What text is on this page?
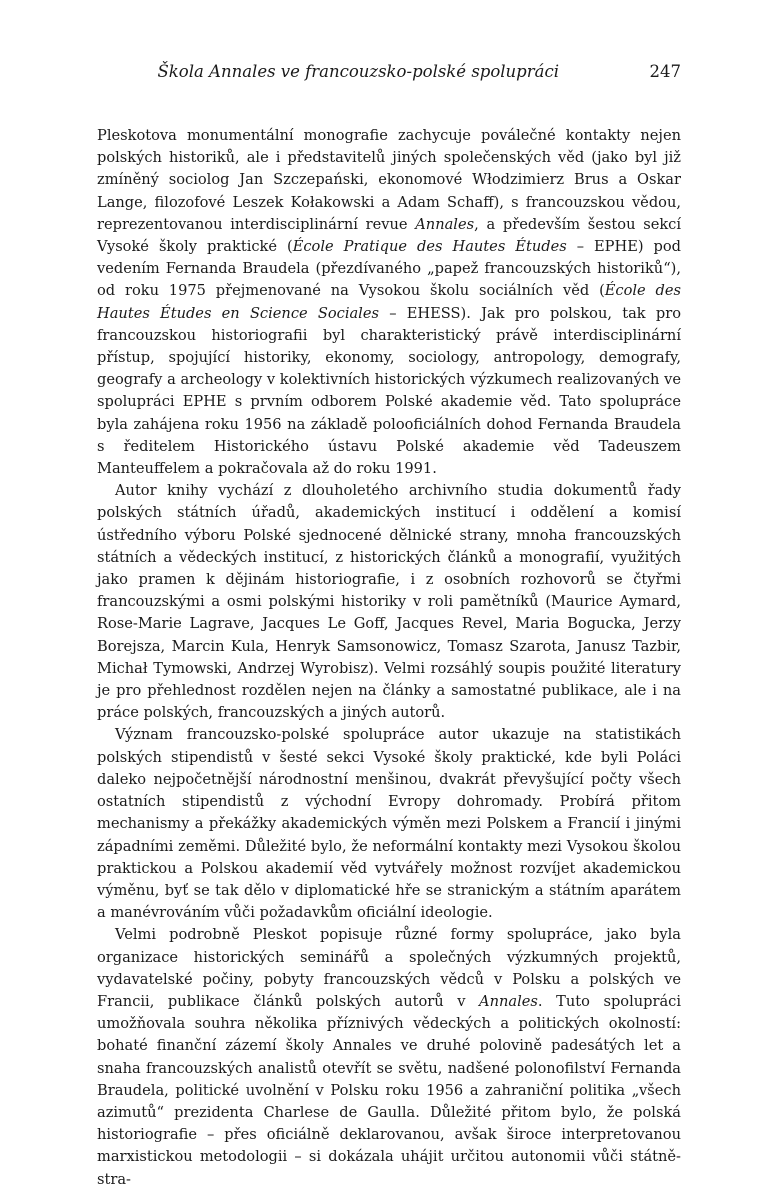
Škola Annales ve francouzsko-polské spolupráci	247

Pleskotova monumentální monografie zachycuje poválečné kontakty nejen polských historiků, ale i představitelů jiných společenských věd (jako byl již zmíněný sociolog Jan Szczepański, ekonomové Włodzimierz Brus a Oskar Lange, filozofové Leszek Kołakowski a Adam Schaff), s francouzskou vědou, reprezentovanou interdisciplinární revue Annales, a především šestou sekcí Vysoké školy praktické (École Pratique des Hautes Études – EPHE) pod vedením Fernanda Braudela (přezdívaného „papež francouzských historiků“), od roku 1975 přejmenované na Vysokou školu sociálních věd (École des Hautes Études en Science Sociales – EHESS). Jak pro polskou, tak pro francouzskou historiografii byl charakteristický právě interdisciplinární přístup, spojující historiky, ekonomy, sociology, antropology, demografy, geografy a archeology v kolektivních historických výzkumech realizovaných ve spolupráci EPHE s prvním odborem Polské akademie věd. Tato spolupráce byla zahájena roku 1956 na základě polooficiálních dohod Fernanda Braudela s ředitelem Historického ústavu Polské akademie věd Tadeuszem Manteuffelem a pokračovala až do roku 1991.

Autor knihy vychází z dlouholetého archivního studia dokumentů řady polských státních úřadů, akademických institucí i oddělení a komisí ústředního výboru Polské sjednocené dělnické strany, mnoha francouzských státních a vědeckých institucí, z historických článků a monografií, využitých jako pramen k dějinám historiografie, i z osobních rozhovorů se čtyřmi francouzskými a osmi polskými historiky v roli pamětníků (Maurice Aymard, Rose-Marie Lagrave, Jacques Le Goff, Jacques Revel, Maria Bogucka, Jerzy Borejsza, Marcin Kula, Henryk Samsonowicz, Tomasz Szarota, Janusz Tazbir, Michał Tymowski, Andrzej Wyrobisz). Velmi rozsáhlý soupis použité literatury je pro přehlednost rozdělen nejen na články a samostatné publikace, ale i na práce polských, francouzských a jiných autorů.

Význam francouzsko-polské spolupráce autor ukazuje na statistikách polských stipendistů v šesté sekci Vysoké školy praktické, kde byli Poláci daleko nejpočetnější národnostní menšinou, dvakrát převyšující počty všech ostatních stipendistů z východní Evropy dohromady. Probírá přitom mechanismy a překážky akademických výměn mezi Polskem a Francií i jinými západními zeměmi. Důležité bylo, že neformální kontakty mezi Vysokou školou praktickou a Polskou akademií věd vytvářely možnost rozvíjet akademickou výměnu, byť se tak dělo v diplomatické hře se stranickým a státním aparátem a manévrováním vůči požadavkům oficiální ideologie.

Velmi podrobně Pleskot popisuje různé formy spolupráce, jako byla organizace historických seminářů a společných výzkumných projektů, vydavatelské počiny, pobyty francouzských vědců v Polsku a polských ve Francii, publikace článků polských autorů v Annales. Tuto spolupráci umožňovala souhra několika příznivých vědeckých a politických okolností: bohaté finanční zázemí školy Annales ve druhé polovině padesátých let a snaha francouzských analistů otevřít se světu, nadšené polonofilství Fernanda Braudela, politické uvolnění v Polsku roku 1956 a zahraniční politika „všech azimutů“ prezidenta Charlese de Gaulla. Důležité přitom bylo, že polská historiografie – přes oficiálně deklarovanou, avšak široce interpretovanou marxistickou metodologii – si dokázala uhájit určitou autonomii vůči státně-stra-
